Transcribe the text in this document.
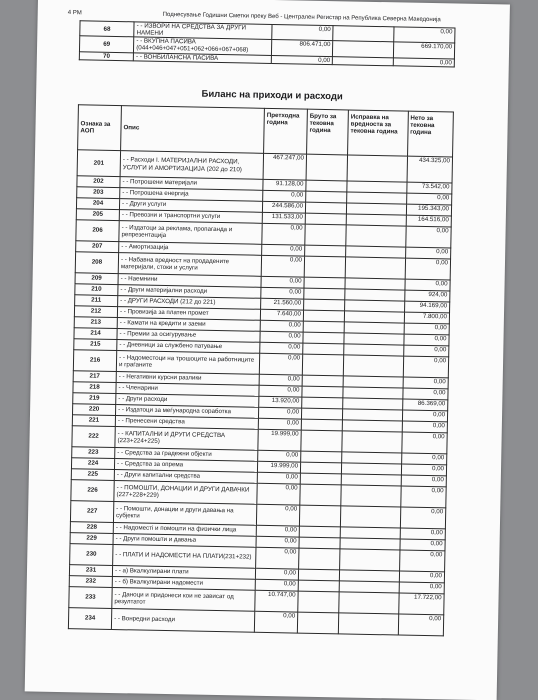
4 PM	Поднесување Годишни Сметки преку Веб - Централен Регистар на Република Северна Македонија
68	- - ИЗВОРИ НА СРЕДСТВА ЗА ДРУГИ НАМЕНИ	0,00		0,00
69	- - ВКУПНА ПАСИВА (044+046+047+051+062+066+067+068)	806.471,00		669.170,00
70	- - ВОНБИЛАНСНА ПАСИВА	0,00		0,00
Биланс на приходи и расходи
Ознака за АОП	Опис	Претходна година	Бруто за тековна година	Исправка на вредноста за тековна година	Нето за тековна година
201	- - Расходи I. МАТЕРИЈАЛНИ РАСХОДИ, УСЛУГИ И АМОРТИЗАЦИЈА (202 до 210)	467.247,00			434.325,00
202	- - Потрошени материјали	91.128,00			73.542,00
203	- - Потрошена енергија	0,00			0,00
204	- - Други услуги	244.586,00			195.343,00
205	- - Превозни и транспортни услуги	131.533,00			164.516,00
206	- - Издатоци за реклама, пропаганда и репрезентација	0,00			0,00
207	- - Амортизација	0,00			0,00
208	- - Набавна вредност на продадените материјали, стоки и услуги	0,00			0,00
209	- - Наемнини	0,00			0,00
210	- - Други материјални расходи	0,00			924,00
211	- - ДРУГИ РАСХОДИ (212 до 221)	21.560,00			94.169,00
212	- - Провизија за платен промет	7.640,00			7.800,00
213	- - Камати на кредити и заеми	0,00			0,00
214	- - Премии за осигурување	0,00			0,00
215	- - Дневници за службено патување	0,00			0,00
216	- - Надоместоци на трошоците на работниците и граѓаните	0,00			0,00
217	- - Негативни курсни разлики	0,00			0,00
218	- - Членарини	0,00			0,00
219	- - Други расходи	13.920,00			86.369,00
220	- - Издатоци за меѓународна соработка	0,00			0,00
221	- - Пренесени средства	0,00			0,00
222	- - КАПИТАЛНИ И ДРУГИ СРЕДСТВА (223+224+225)	19.999,00			0,00
223	- - Средства за градежни објекти	0,00			0,00
224	- - Средства за опрема	19.999,00			0,00
225	- - Други капитални средства	0,00			0,00
226	- - ПОМОШТИ, ДОНАЦИИ И ДРУГИ ДАВАЧКИ (227+228+229)	0,00			0,00
227	- - Помошти, донации и други давања на субјекти	0,00			0,00
228	- - Надоместi и помошти на физички лица	0,00			0,00
229	- - Други помошти и давања	0,00			0,00
230	- - ПЛАТИ И НАДОМЕСТИ НА ПЛАТИ(231+232)	0,00			0,00
231	- - а) Вкалкулирани плати	0,00			0,00
232	- - б) Вкалкулирани надомести	0,00			0,00
233	- - Даноци и придонеси кои не зависат од резултатот	10.747,00			17.722,00
234	- - Вонредни расходи	0,00			0,00
